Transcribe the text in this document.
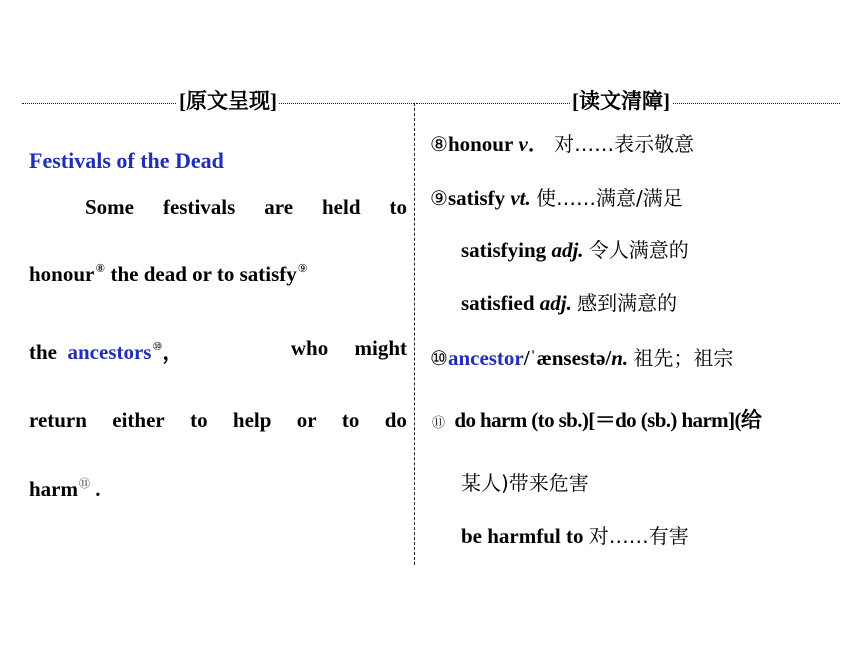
[原文呈现]	[读文清障]
Festivals of the Dead
Some festivals are held to
honour⑧ the dead or to satisfy⑨
the ancestors⑩，	who might
return either to help or to do
harm⑪ .
⑧honour v． 对……表示敬意
⑨satisfy vt. 使……满意/满足
satisfying adj. 令人满意的
satisfied adj. 感到满意的
⑩ancestor/ˈænsestə/n. 祖先；祖宗
⑪ do harm (to sb.)[＝do (sb.) harm](给
某人)带来危害
be harmful to 对……有害
